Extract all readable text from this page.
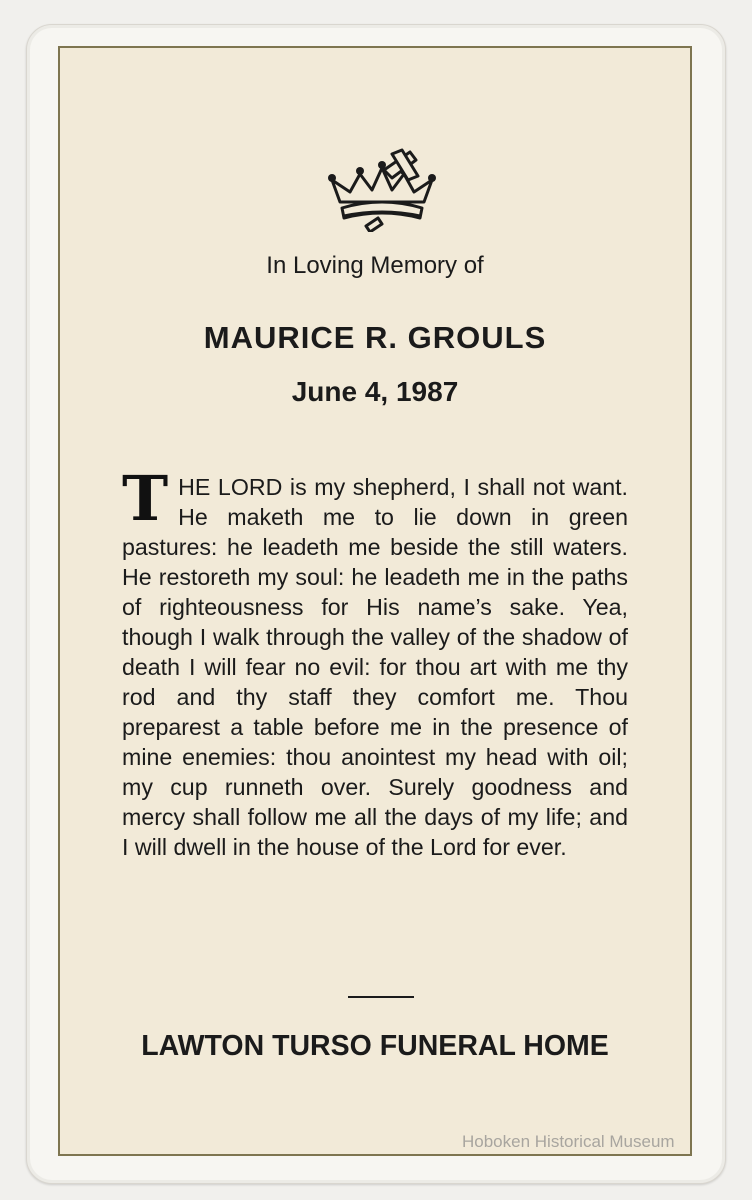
In Loving Memory of
MAURICE R. GROULS
June 4, 1987
T HE LORD is my shepherd, I shall not want. He maketh me to lie down in green pastures: he leadeth me beside the still waters. He restoreth my soul: he leadeth me in the paths of righteousness for His name’s sake. Yea, though I walk through the valley of the shadow of death I will fear no evil: for thou art with me thy rod and thy staff they comfort me. Thou preparest a table before me in the presence of mine enemies: thou anointest my head with oil; my cup runneth over. Surely goodness and mercy shall follow me all the days of my life; and I will dwell in the house of the Lord for ever.
LAWTON TURSO FUNERAL HOME
Hoboken Historical Museum
